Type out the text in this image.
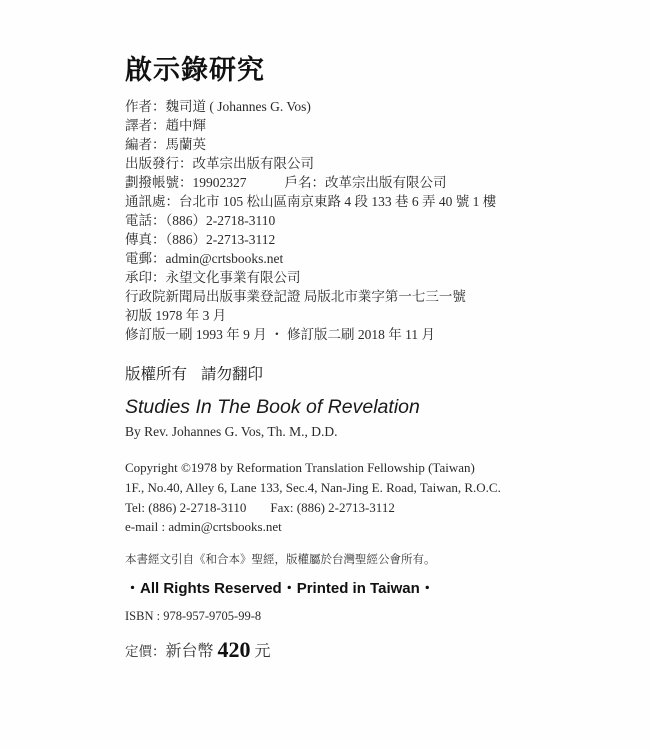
啟示錄研究
作者：魏司道 ( Johannes G. Vos)
譯者：趙中輝
編者：馬蘭英
出版發行：改革宗出版有限公司
劃撥帳號：19902327	戶名：改革宗出版有限公司
通訊處：台北市 105 松山區南京東路 4 段 133 巷 6 弄 40 號 1 樓
電話：（886）2-2718-3110
傳真：（886）2-2713-3112
電郵：admin@crtsbooks.net
承印：永望文化事業有限公司
行政院新聞局出版事業登記證 局版北市業字第一七三一號
初版 1978 年 3 月
修訂版一刷 1993 年 9 月 ・ 修訂版二刷 2018 年 11 月
版權所有 請勿翻印
Studies In The Book of Revelation
By Rev. Johannes G. Vos, Th. M., D.D.
Copyright ©1978 by Reformation Translation Fellowship (Taiwan)
1F., No.40, Alley 6, Lane 133, Sec.4, Nan-Jing E. Road, Taiwan, R.O.C.
Tel: (886) 2-2718-3110 Fax: (886) 2-2713-3112
e-mail : admin@crtsbooks.net
本書經文引自《和合本》聖經，版權屬於台灣聖經公會所有。
・All Rights Reserved・Printed in Taiwan・
ISBN : 978-957-9705-99-8
定價：新台幣 420 元
